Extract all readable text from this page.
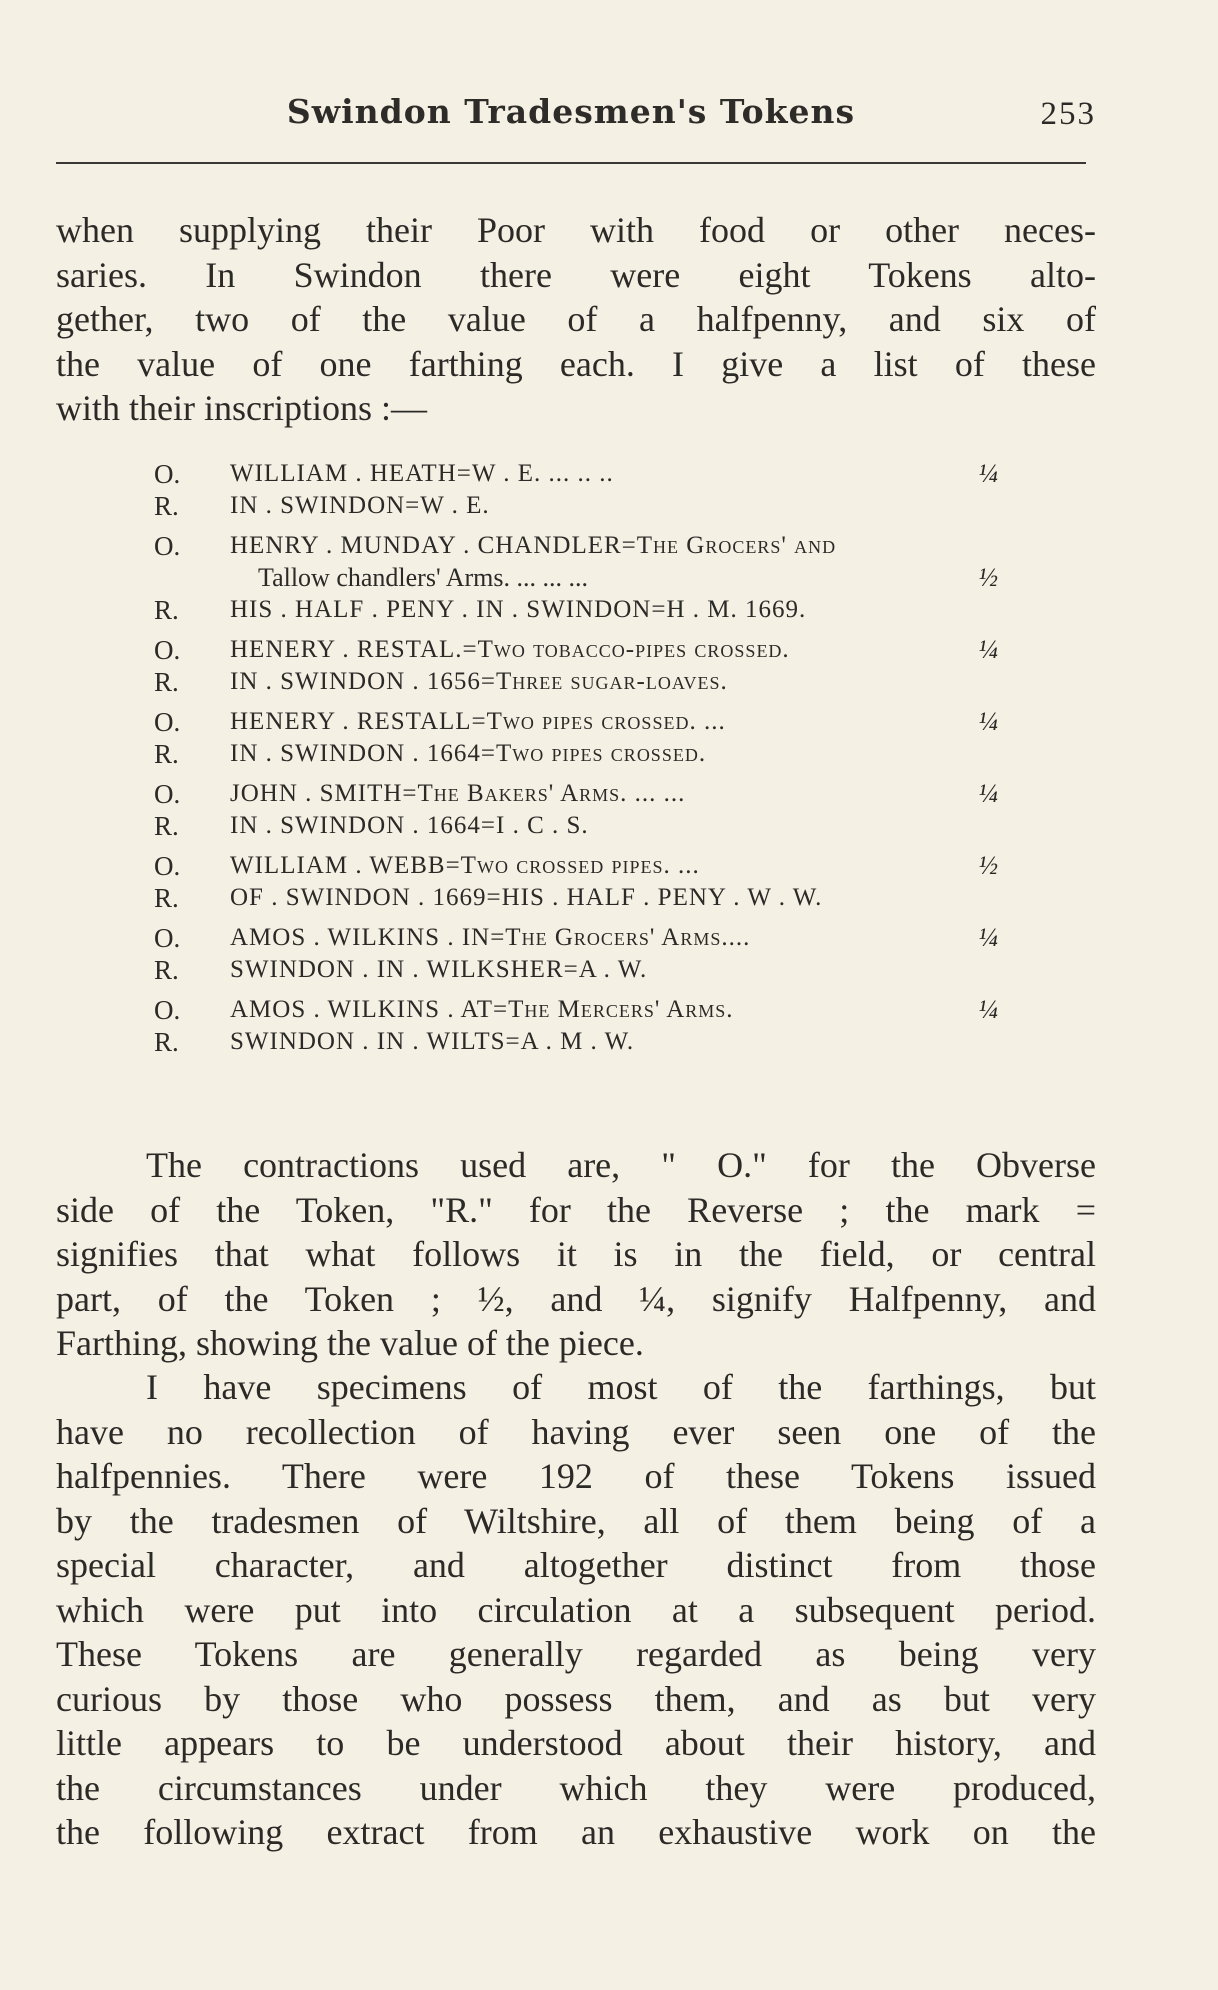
Swindon Tradesmen's Tokens	253
when supplying their Poor with food or other neces-
saries. In Swindon there were eight Tokens alto-
gether, two of the value of a halfpenny, and six of
the value of one farthing each. I give a list of these
with their inscriptions :—
O.	WILLIAM . HEATH=W . E. ... .. ..	¼
R.	IN . SWINDON=W . E.
O.	HENRY . MUNDAY . CHANDLER=The Grocers' and
Tallow chandlers' Arms. ... ... ...	½
R.	HIS . HALF . PENY . IN . SWINDON=H . M. 1669.
O.	HENERY . RESTAL.=Two tobacco-pipes crossed.	¼
R.	IN . SWINDON . 1656=Three sugar-loaves.
O.	HENERY . RESTALL=Two pipes crossed. ...	¼
R.	IN . SWINDON . 1664=Two pipes crossed.
O.	JOHN . SMITH=The Bakers' Arms. ... ...	¼
R.	IN . SWINDON . 1664=I . C . S.
O.	WILLIAM . WEBB=Two crossed pipes. ...	½
R.	OF . SWINDON . 1669=HIS . HALF . PENY . W . W.
O.	AMOS . WILKINS . IN=The Grocers' Arms....	¼
R.	SWINDON . IN . WILKSHER=A . W.
O.	AMOS . WILKINS . AT=The Mercers' Arms.	¼
R.	SWINDON . IN . WILTS=A . M . W.
The contractions used are, " O." for the Obverse
side of the Token, "R." for the Reverse ; the mark =
signifies that what follows it is in the field, or central
part, of the Token ; ½, and ¼, signify Halfpenny, and
Farthing, showing the value of the piece.
I have specimens of most of the farthings, but
have no recollection of having ever seen one of the
halfpennies. There were 192 of these Tokens issued
by the tradesmen of Wiltshire, all of them being of a
special character, and altogether distinct from those
which were put into circulation at a subsequent period.
These Tokens are generally regarded as being very
curious by those who possess them, and as but very
little appears to be understood about their history, and
the circumstances under which they were produced,
the following extract from an exhaustive work on the
